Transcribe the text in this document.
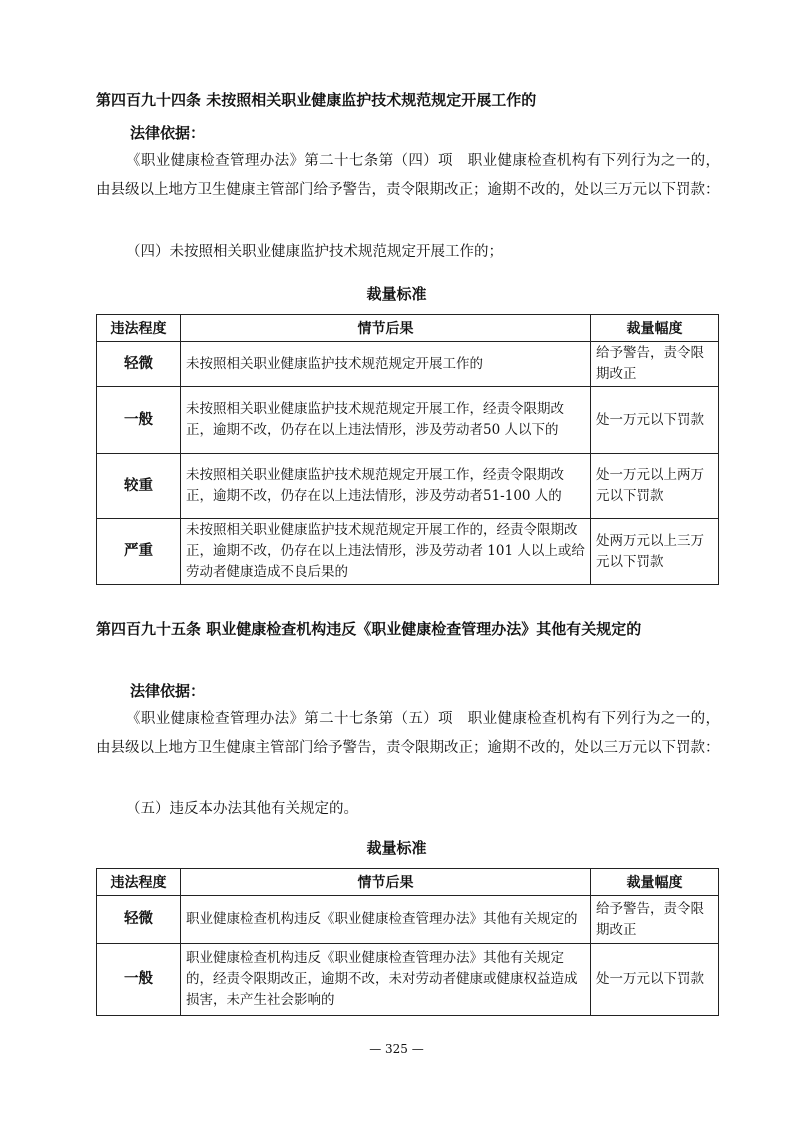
第四百九十四条 未按照相关职业健康监护技术规范规定开展工作的
法律依据：
《职业健康检查管理办法》第二十七条第（四）项　职业健康检查机构有下列行为之一的，由县级以上地方卫生健康主管部门给予警告，责令限期改正；逾期不改的，处以三万元以下罚款：
（四）未按照相关职业健康监护技术规范规定开展工作的；
裁量标准
违法程度	情节后果	裁量幅度
轻微	未按照相关职业健康监护技术规范规定开展工作的	给予警告，责令限期改正
一般	未按照相关职业健康监护技术规范规定开展工作，经责令限期改正，逾期不改，仍存在以上违法情形，涉及劳动者50 人以下的	处一万元以下罚款
较重	未按照相关职业健康监护技术规范规定开展工作，经责令限期改正，逾期不改，仍存在以上违法情形，涉及劳动者51-100 人的	处一万元以上两万元以下罚款
严重	未按照相关职业健康监护技术规范规定开展工作的，经责令限期改正，逾期不改，仍存在以上违法情形，涉及劳动者 101 人以上或给劳动者健康造成不良后果的	处两万元以上三万元以下罚款
第四百九十五条 职业健康检查机构违反《职业健康检查管理办法》其他有关规定的
法律依据：
《职业健康检查管理办法》第二十七条第（五）项　职业健康检查机构有下列行为之一的，由县级以上地方卫生健康主管部门给予警告，责令限期改正；逾期不改的，处以三万元以下罚款：
（五）违反本办法其他有关规定的。
裁量标准
违法程度	情节后果	裁量幅度
轻微	职业健康检查机构违反《职业健康检查管理办法》其他有关规定的	给予警告，责令限期改正
一般	职业健康检查机构违反《职业健康检查管理办法》其他有关规定的，经责令限期改正，逾期不改，未对劳动者健康或健康权益造成损害，未产生社会影响的	处一万元以下罚款
— 325 —
